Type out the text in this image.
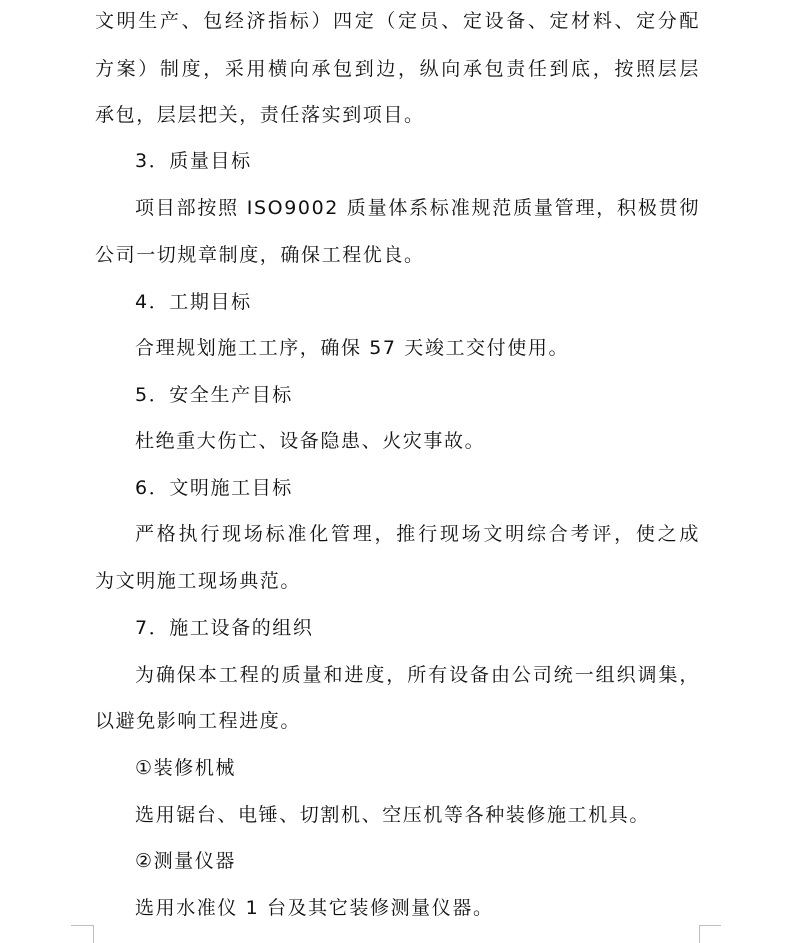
文明生产、包经济指标）四定（定员、定设备、定材料、定分配
方案）制度，采用横向承包到边，纵向承包责任到底，按照层层
承包，层层把关，责任落实到项目。
3．质量目标
项目部按照 ISO9002 质量体系标准规范质量管理，积极贯彻
公司一切规章制度，确保工程优良。
4．工期目标
合理规划施工工序，确保 57 天竣工交付使用。
5．安全生产目标
杜绝重大伤亡、设备隐患、火灾事故。
6．文明施工目标
严格执行现场标准化管理，推行现场文明综合考评，使之成
为文明施工现场典范。
7．施工设备的组织
为确保本工程的质量和进度，所有设备由公司统一组织调集，
以避免影响工程进度。
①装修机械
选用锯台、电锤、切割机、空压机等各种装修施工机具。
②测量仪器
选用水准仪 1 台及其它装修测量仪器。
